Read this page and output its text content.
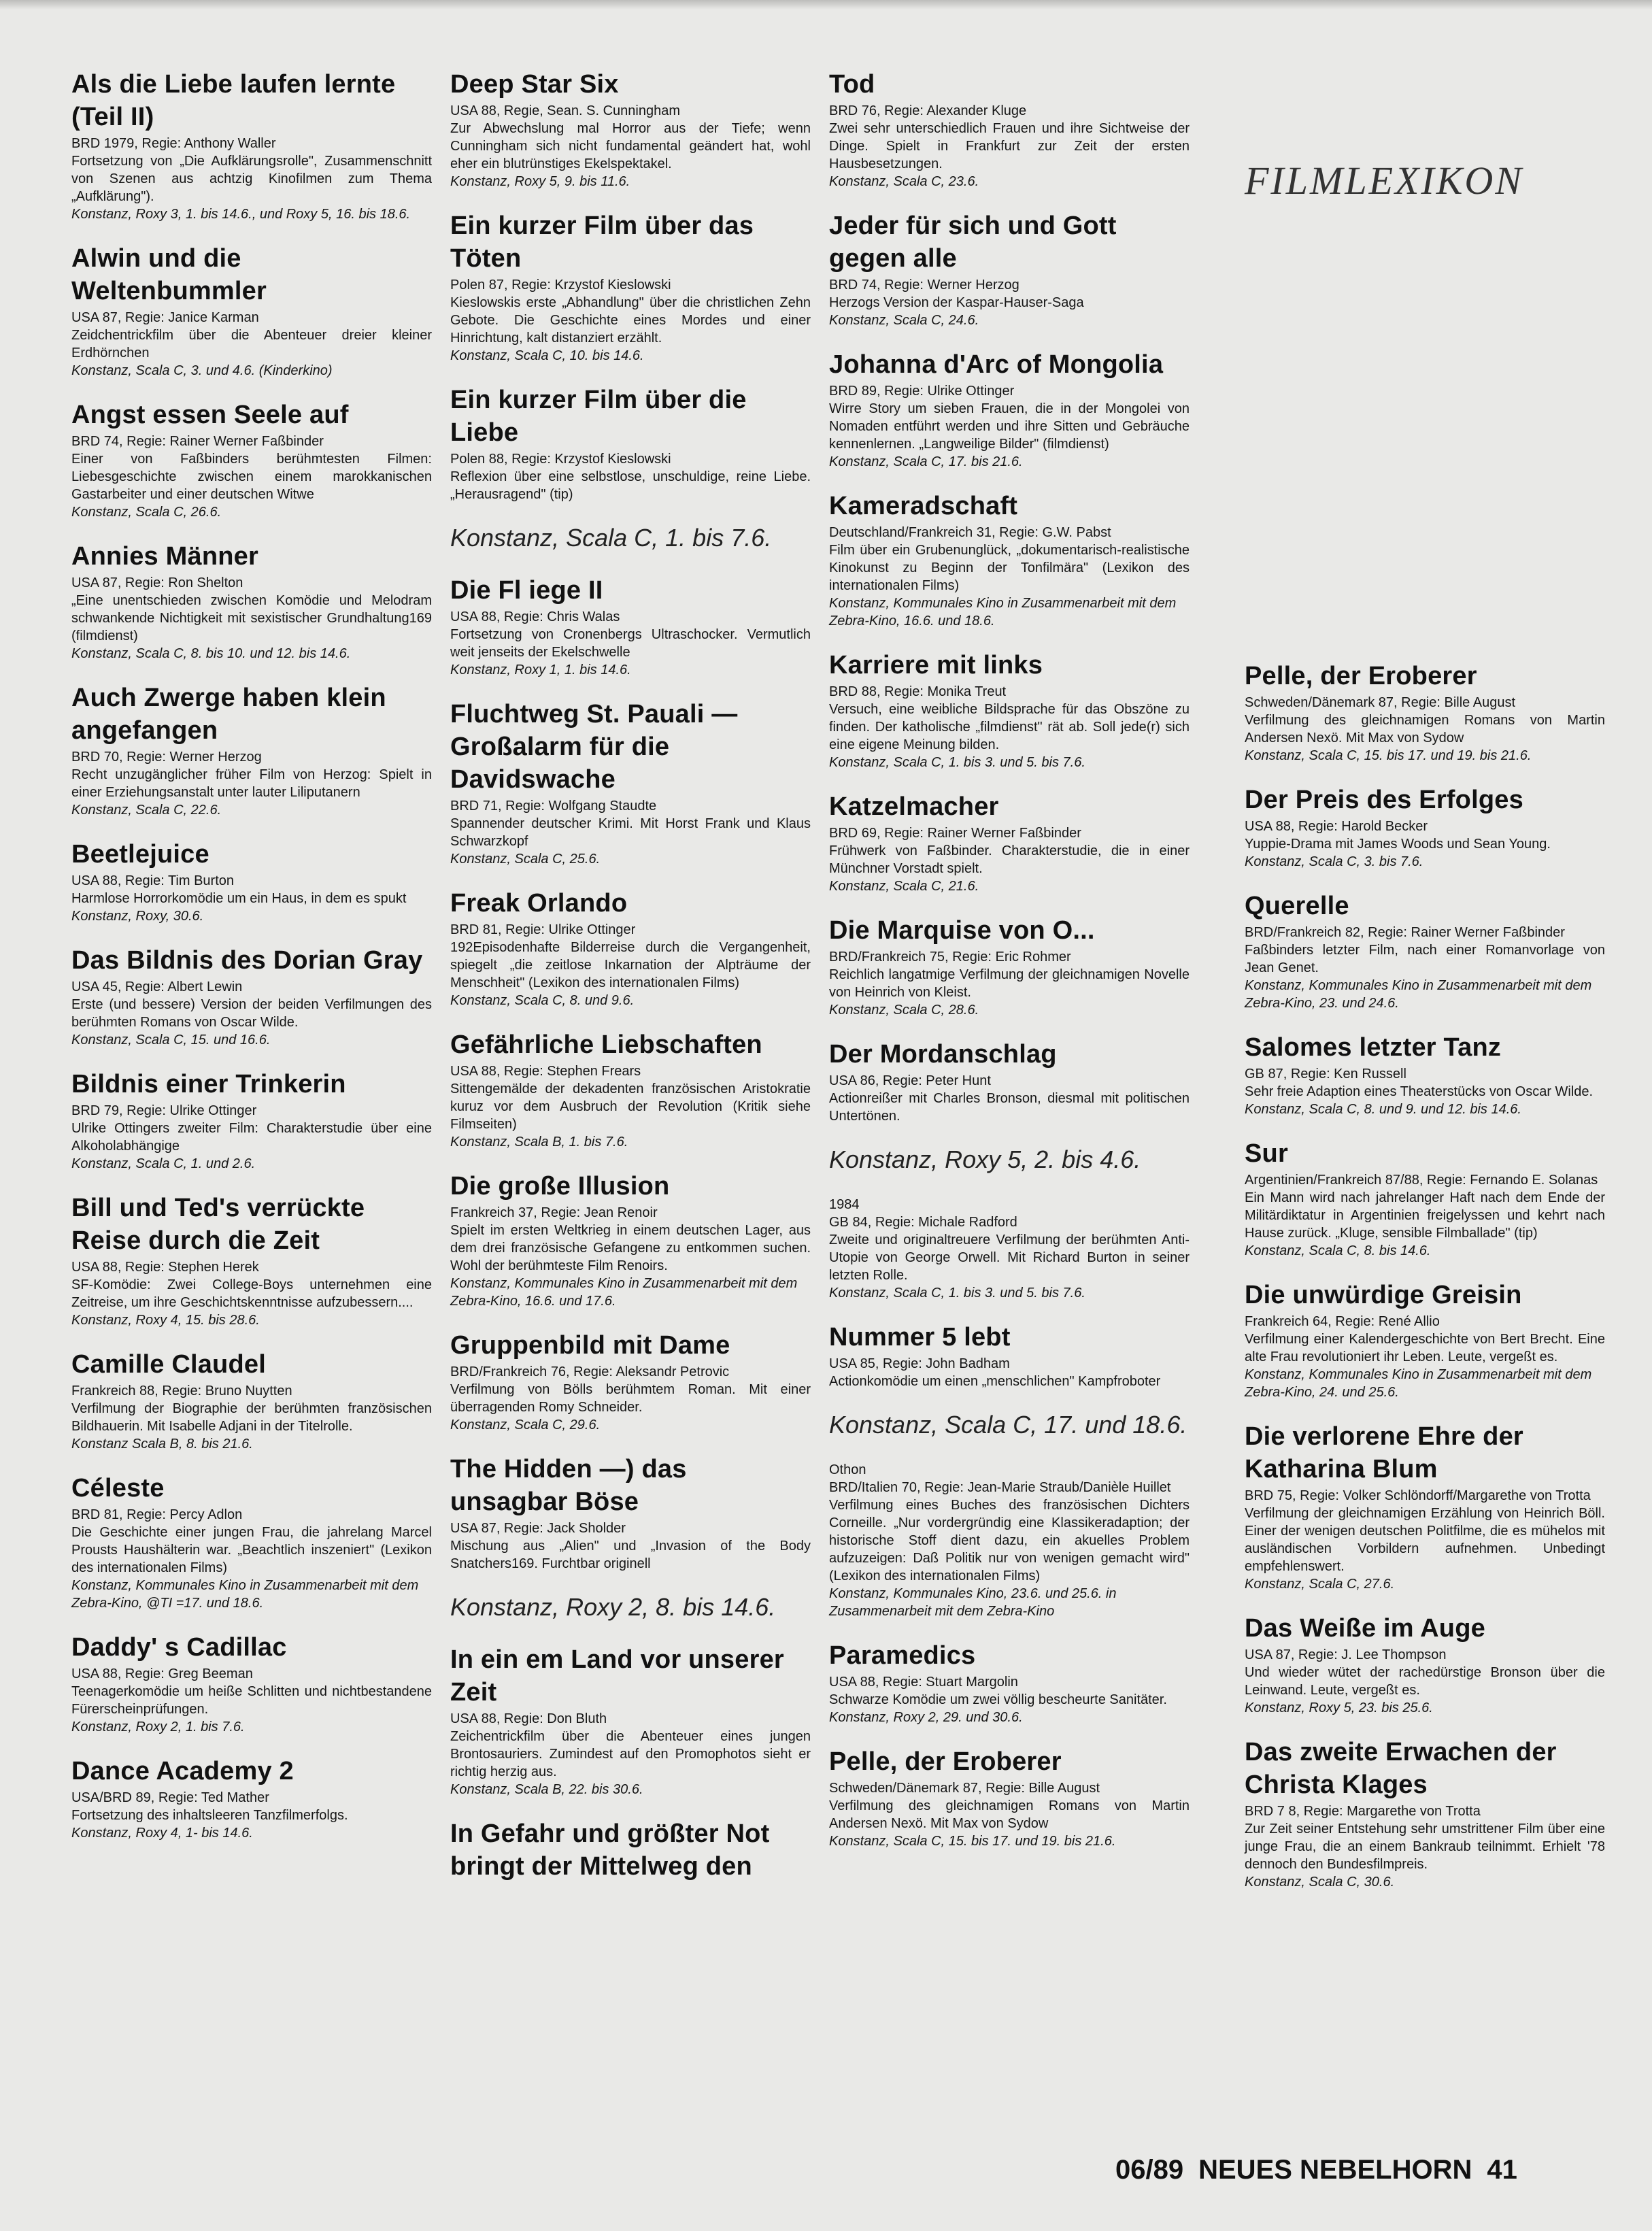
FILMLEXIKON

Als die Liebe laufen lernte (Teil II)

BRD 1979, Regie: Anthony Waller

Fortsetzung von „Die Aufklärungsrolle", Zusammenschnitt von Szenen aus achtzig Kinofilmen zum Thema „Aufklärung").

Konstanz, Roxy 3, 1. bis 14.6., und Roxy 5, 16. bis 18.6.

Alwin und die Weltenbummler

USA 87, Regie: Janice Karman

Zeidchentrickfilm über die Abenteuer dreier kleiner Erdhörnchen

Konstanz, Scala C, 3. und 4.6. (Kinderkino)

Angst essen Seele auf

BRD 74, Regie: Rainer Werner Faßbinder

Einer von Faßbinders berühmtesten Filmen: Liebesgeschichte zwischen einem marokkanischen Gastarbeiter und einer deutschen Witwe

Konstanz, Scala C, 26.6.

Annies Männer

USA 87, Regie: Ron Shelton

„Eine unentschieden zwischen Komödie und Melodram schwankende Nichtigkeit mit sexistischer Grundhaltung169 (filmdienst)

Konstanz, Scala C, 8. bis 10. und 12. bis 14.6.

Auch Zwerge haben klein angefangen

BRD 70, Regie: Werner Herzog

Recht unzugänglicher früher Film von Herzog: Spielt in einer Erziehungsanstalt unter lauter Liliputanern

Konstanz, Scala C, 22.6.

Beetlejuice

USA 88, Regie: Tim Burton

Harmlose Horrorkomödie um ein Haus, in dem es spukt

Konstanz, Roxy, 30.6.

Das Bildnis des Dorian Gray

USA 45, Regie: Albert Lewin

Erste (und bessere) Version der beiden Verfilmungen des berühmten Romans von Oscar Wilde.

Konstanz, Scala C, 15. und 16.6.

Bildnis einer Trinkerin

BRD 79, Regie: Ulrike Ottinger

Ulrike Ottingers zweiter Film: Charakterstudie über eine Alkoholabhängige

Konstanz, Scala C, 1. und 2.6.

Bill und Ted's verrückte Reise durch die Zeit

USA 88, Regie: Stephen Herek

SF-Komödie: Zwei College-Boys unternehmen eine Zeitreise, um ihre Geschichtskenntnisse aufzubessern....

Konstanz, Roxy 4, 15. bis 28.6.

Camille Claudel

Frankreich 88, Regie: Bruno Nuytten

Verfilmung der Biographie der berühmten französischen Bildhauerin. Mit Isabelle Adjani in der Titelrolle.

Konstanz Scala B, 8. bis 21.6.

Céleste

BRD 81, Regie: Percy Adlon

Die Geschichte einer jungen Frau, die jahrelang Marcel Prousts Haushälterin war. „Beachtlich inszeniert" (Lexikon des internationalen Films)

Konstanz, Kommunales Kino in Zusammenarbeit mit dem Zebra-Kino, @TI =17. und 18.6.

Daddy' s Cadillac

USA 88, Regie: Greg Beeman

Teenagerkomödie um heiße Schlitten und nichtbestandene Fürerscheinprüfungen.

Konstanz, Roxy 2, 1. bis 7.6.

Dance Academy 2

USA/BRD 89, Regie: Ted Mather

Fortsetzung des inhaltsleeren Tanzfilmerfolgs.

Konstanz, Roxy 4, 1- bis 14.6.

Deep Star Six

USA 88, Regie, Sean. S. Cunningham

Zur Abwechslung mal Horror aus der Tiefe; wenn Cunningham sich nicht fundamental geändert hat, wohl eher ein blutrünstiges Ekelspektakel.

Konstanz, Roxy 5, 9. bis 11.6.

Ein kurzer Film über das Töten

Polen 87, Regie: Krzystof Kieslowski

Kieslowskis erste „Abhandlung" über die christlichen Zehn Gebote. Die Geschichte eines Mordes und einer Hinrichtung, kalt distanziert erzählt.

Konstanz, Scala C, 10. bis 14.6.

Ein kurzer Film über die Liebe

Polen 88, Regie: Krzystof Kieslowski

Reflexion über eine selbstlose, unschuldige, reine Liebe. „Herausragend" (tip)

Konstanz, Scala C, 1. bis 7.6.

Die Fl iege II

USA 88, Regie: Chris Walas

Fortsetzung von Cronenbergs Ultraschocker. Vermutlich weit jenseits der Ekelschwelle

Konstanz, Roxy 1, 1. bis 14.6.

Fluchtweg St. Pauali — Großalarm für die Davidswache

BRD 71, Regie: Wolfgang Staudte

Spannender deutscher Krimi. Mit Horst Frank und Klaus Schwarzkopf

Konstanz, Scala C, 25.6.

Freak Orlando

BRD 81, Regie: Ulrike Ottinger

192Episodenhafte Bilderreise durch die Vergangenheit, spiegelt „die zeitlose Inkarnation der Alpträume der Menschheit" (Lexikon des internationalen Films)

Konstanz, Scala C, 8. und 9.6.

Gefährliche Liebschaften

USA 88, Regie: Stephen Frears

Sittengemälde der dekadenten französischen Aristokratie kuruz vor dem Ausbruch der Revolution (Kritik siehe Filmseiten)

Konstanz, Scala B, 1. bis 7.6.

Die große Illusion

Frankreich 37, Regie: Jean Renoir

Spielt im ersten Weltkrieg in einem deutschen Lager, aus dem drei französische Gefangene zu entkommen suchen. Wohl der berühmteste Film Renoirs.

Konstanz, Kommunales Kino in Zusammenarbeit mit dem Zebra-Kino, 16.6. und 17.6.

Gruppenbild mit Dame

BRD/Frankreich 76, Regie: Aleksandr Petrovic

Verfilmung von Bölls berühmtem Roman. Mit einer überragenden Romy Schneider.

Konstanz, Scala C, 29.6.

The Hidden —) das unsagbar Böse

USA 87, Regie: Jack Sholder

Mischung aus „Alien" und „Invasion of the Body Snatchers169. Furchtbar originell

Konstanz, Roxy 2, 8. bis 14.6.

In ein em Land vor unserer Zeit

USA 88, Regie: Don Bluth

Zeichentrickfilm über die Abenteuer eines jungen Brontosauriers. Zumindest auf den Promophotos sieht er richtig herzig aus.

Konstanz, Scala B, 22. bis 30.6.

In Gefahr und größter Not bringt der Mittelweg den

Tod

BRD 76, Regie: Alexander Kluge

Zwei sehr unterschiedlich Frauen und ihre Sichtweise der Dinge. Spielt in Frankfurt zur Zeit der ersten Hausbesetzungen.

Konstanz, Scala C, 23.6.

Jeder für sich und Gott gegen alle

BRD 74, Regie: Werner Herzog

Herzogs Version der Kaspar-Hauser-Saga

Konstanz, Scala C, 24.6.

Johanna d'Arc of Mongolia

BRD 89, Regie: Ulrike Ottinger

Wirre Story um sieben Frauen, die in der Mongolei von Nomaden entführt werden und ihre Sitten und Gebräuche kennenlernen. „Langweilige Bilder" (filmdienst)

Konstanz, Scala C, 17. bis 21.6.

Kameradschaft

Deutschland/Frankreich 31, Regie: G.W. Pabst

Film über ein Grubenunglück, „dokumentarisch-realistische Kinokunst zu Beginn der Tonfilmära" (Lexikon des internationalen Films)

Konstanz, Kommunales Kino in Zusammenarbeit mit dem Zebra-Kino, 16.6. und 18.6.

Karriere mit links

BRD 88, Regie: Monika Treut

Versuch, eine weibliche Bildsprache für das Obszöne zu finden. Der katholische „filmdienst" rät ab. Soll jede(r) sich eine eigene Meinung bilden.

Konstanz, Scala C, 1. bis 3. und 5. bis 7.6.

Katzelmacher

BRD 69, Regie: Rainer Werner Faßbinder

Frühwerk von Faßbinder. Charakterstudie, die in einer Münchner Vorstadt spielt.

Konstanz, Scala C, 21.6.

Die Marquise von O...

BRD/Frankreich 75, Regie: Eric Rohmer

Reichlich langatmige Verfilmung der gleichnamigen Novelle von Heinrich von Kleist.

Konstanz, Scala C, 28.6.

Der Mordanschlag

USA 86, Regie: Peter Hunt

Actionreißer mit Charles Bronson, diesmal mit politischen Untertönen.

Konstanz, Roxy 5, 2. bis 4.6.

1984

GB 84, Regie: Michale Radford

Zweite und originaltreuere Verfilmung der berühmten Anti-Utopie von George Orwell. Mit Richard Burton in seiner letzten Rolle.

Konstanz, Scala C, 1. bis 3. und 5. bis 7.6.

Nummer 5 lebt

USA 85, Regie: John Badham

Actionkomödie um einen „menschlichen" Kampfroboter

Konstanz, Scala C, 17. und 18.6.

Othon

BRD/Italien 70, Regie: Jean-Marie Straub/Danièle Huillet

Verfilmung eines Buches des französischen Dichters Corneille. „Nur vordergründig eine Klassikeradaption; der historische Stoff dient dazu, ein akuelles Problem aufzuzeigen: Daß Politik nur von wenigen gemacht wird" (Lexikon des internationalen Films)

Konstanz, Kommunales Kino, 23.6. und 25.6. in Zusammenarbeit mit dem Zebra-Kino

Paramedics

USA 88, Regie: Stuart Margolin

Schwarze Komödie um zwei völlig bescheurte Sanitäter.

Konstanz, Roxy 2, 29. und 30.6.

Pelle, der Eroberer

Schweden/Dänemark 87, Regie: Bille August

Verfilmung des gleichnamigen Romans von Martin Andersen Nexö. Mit Max von Sydow

Konstanz, Scala C, 15. bis 17. und 19. bis 21.6.

Pelle, der Eroberer

Schweden/Dänemark 87, Regie: Bille August

Verfilmung des gleichnamigen Romans von Martin Andersen Nexö. Mit Max von Sydow

Konstanz, Scala C, 15. bis 17. und 19. bis 21.6.

Der Preis des Erfolges

USA 88, Regie: Harold Becker

Yuppie-Drama mit James Woods und Sean Young.

Konstanz, Scala C, 3. bis 7.6.

Querelle

BRD/Frankreich 82, Regie: Rainer Werner Faßbinder

Faßbinders letzter Film, nach einer Romanvorlage von Jean Genet.

Konstanz, Kommunales Kino in Zusammenarbeit mit dem Zebra-Kino, 23. und 24.6.

Salomes letzter Tanz

GB 87, Regie: Ken Russell

Sehr freie Adaption eines Theaterstücks von Oscar Wilde.

Konstanz, Scala C, 8. und 9. und 12. bis 14.6.

Sur

Argentinien/Frankreich 87/88, Regie: Fernando E. Solanas

Ein Mann wird nach jahrelanger Haft nach dem Ende der Militärdiktatur in Argentinien freigelyssen und kehrt nach Hause zurück. „Kluge, sensible Filmballade" (tip)

Konstanz, Scala C, 8. bis 14.6.

Die unwürdige Greisin

Frankreich 64, Regie: René Allio

Verfilmung einer Kalendergeschichte von Bert Brecht. Eine alte Frau revolutioniert ihr Leben. Leute, vergeßt es.

Konstanz, Kommunales Kino in Zusammenarbeit mit dem Zebra-Kino, 24. und 25.6.

Die verlorene Ehre der Katharina Blum

BRD 75, Regie: Volker Schlöndorff/Margarethe von Trotta

Verfilmung der gleichnamigen Erzählung von Heinrich Böll. Einer der wenigen deutschen Politfilme, die es mühelos mit ausländischen Vorbildern aufnehmen. Unbedingt empfehlenswert.

Konstanz, Scala C, 27.6.

Das Weiße im Auge

USA 87, Regie: J. Lee Thompson

Und wieder wütet der rachedürstige Bronson über die Leinwand. Leute, vergeßt es.

Konstanz, Roxy 5, 23. bis 25.6.

Das zweite Erwachen der Christa Klages

BRD 7 8, Regie: Margarethe von Trotta

Zur Zeit seiner Entstehung sehr umstrittener Film über eine junge Frau, die an einem Bankraub teilnimmt. Erhielt '78 dennoch den Bundesfilmpreis.

Konstanz, Scala C, 30.6.

06/89 NEUES NEBELHORN 41
